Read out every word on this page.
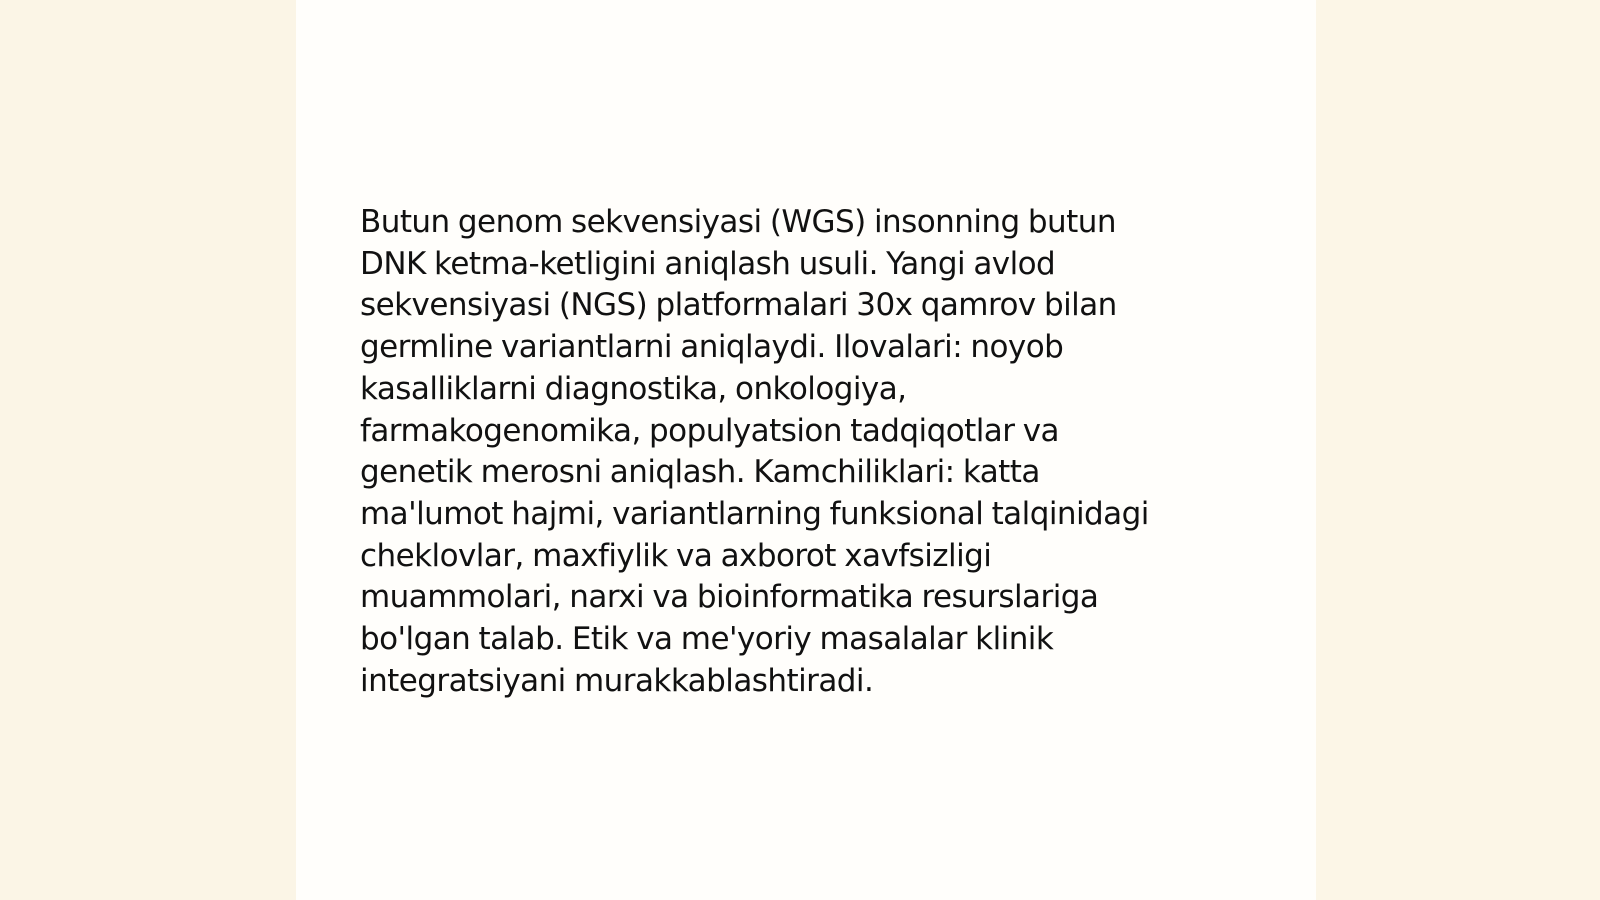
Butun genom sekvensiyasi (WGS) insonning butun
DNK ketma-ketligini aniqlash usuli. Yangi avlod
sekvensiyasi (NGS) platformalari 30x qamrov bilan
germline variantlarni aniqlaydi. Ilovalari: noyob
kasalliklarni diagnostika, onkologiya,
farmakogenomika, populyatsion tadqiqotlar va
genetik merosni aniqlash. Kamchiliklari: katta
ma'lumot hajmi, variantlarning funksional talqinidagi
cheklovlar, maxfiylik va axborot xavfsizligi
muammolari, narxi va bioinformatika resurslariga
bo'lgan talab. Etik va me'yoriy masalalar klinik
integratsiyani murakkablashtiradi.
